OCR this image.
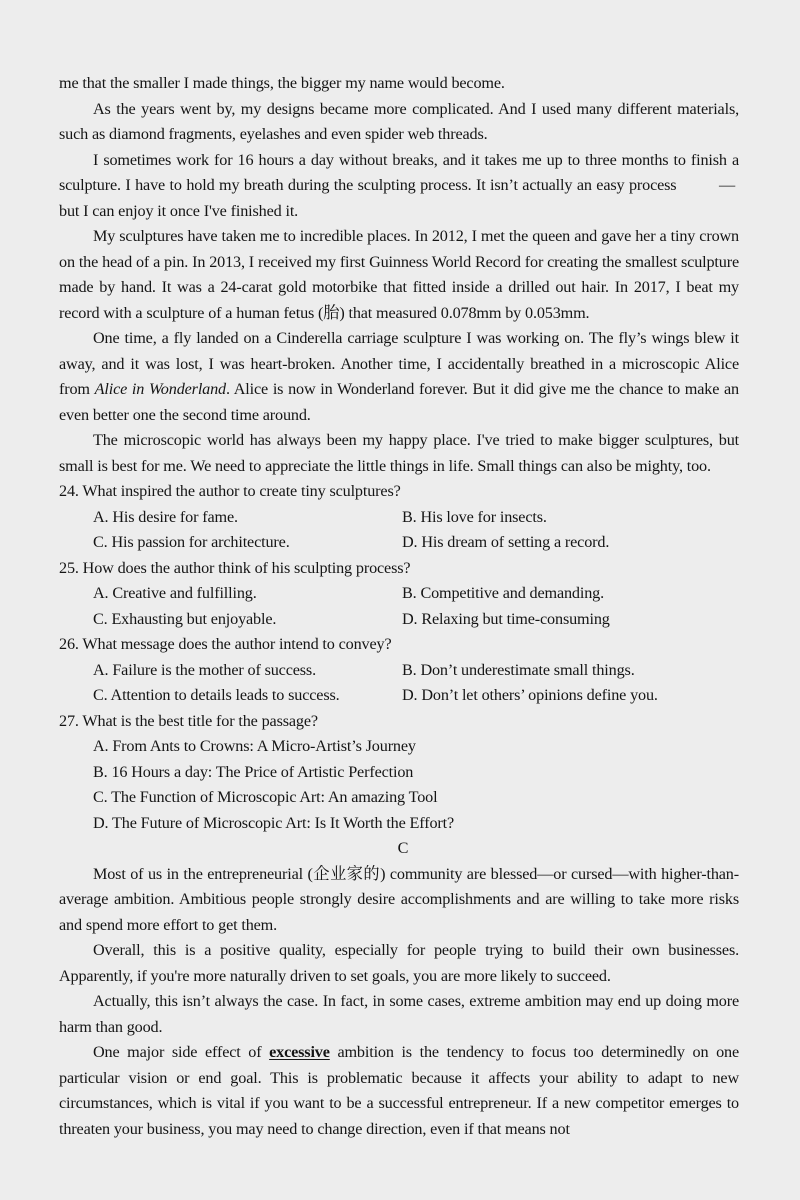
me that the smaller I made things, the bigger my name would become.

As the years went by, my designs became more complicated. And I used many different materials, such as diamond fragments, eyelashes and even spider web threads.

I sometimes work for 16 hours a day without breaks, and it takes me up to three months to finish a sculpture. I have to hold my breath during the sculpting process. It isn’t actually an easy process	— but I can enjoy it once I've finished it.

My sculptures have taken me to incredible places. In 2012, I met the queen and gave her a tiny crown on the head of a pin. In 2013, I received my first Guinness World Record for creating the smallest sculpture made by hand. It was a 24-carat gold motorbike that fitted inside a drilled out hair. In 2017, I beat my record with a sculpture of a human fetus (胎) that measured 0.078mm by 0.053mm.

One time, a fly landed on a Cinderella carriage sculpture I was working on. The fly’s wings blew it away, and it was lost, I was heart-broken. Another time, I accidentally breathed in a microscopic Alice from Alice in Wonderland. Alice is now in Wonderland forever. But it did give me the chance to make an even better one the second time around.

The microscopic world has always been my happy place. I've tried to make bigger sculptures, but small is best for me. We need to appreciate the little things in life. Small things can also be mighty, too.

24. What inspired the author to create tiny sculptures?
A. His desire for fame.	B. His love for insects.
C. His passion for architecture.	D. His dream of setting a record.
25. How does the author think of his sculpting process?
A. Creative and fulfilling.	B. Competitive and demanding.
C. Exhausting but enjoyable.	D. Relaxing but time-consuming
26. What message does the author intend to convey?
A. Failure is the mother of success.	B. Don’t underestimate small things.
C. Attention to details leads to success.	D. Don’t let others’ opinions define you.
27. What is the best title for the passage?
A. From Ants to Crowns: A Micro-Artist’s Journey
B. 16 Hours a day: The Price of Artistic Perfection
C. The Function of Microscopic Art: An amazing Tool
D. The Future of Microscopic Art: Is It Worth the Effort?
C

Most of us in the entrepreneurial (企业家的) community are blessed—or cursed—with higher-than-average ambition. Ambitious people strongly desire accomplishments and are willing to take more risks and spend more effort to get them.

Overall, this is a positive quality, especially for people trying to build their own businesses. Apparently, if you're more naturally driven to set goals, you are more likely to succeed.

Actually, this isn’t always the case. In fact, in some cases, extreme ambition may end up doing more harm than good.

One major side effect of excessive ambition is the tendency to focus too determinedly on one particular vision or end goal. This is problematic because it affects your ability to adapt to new circumstances, which is vital if you want to be a successful entrepreneur. If a new competitor emerges to threaten your business, you may need to change direction, even if that means not
